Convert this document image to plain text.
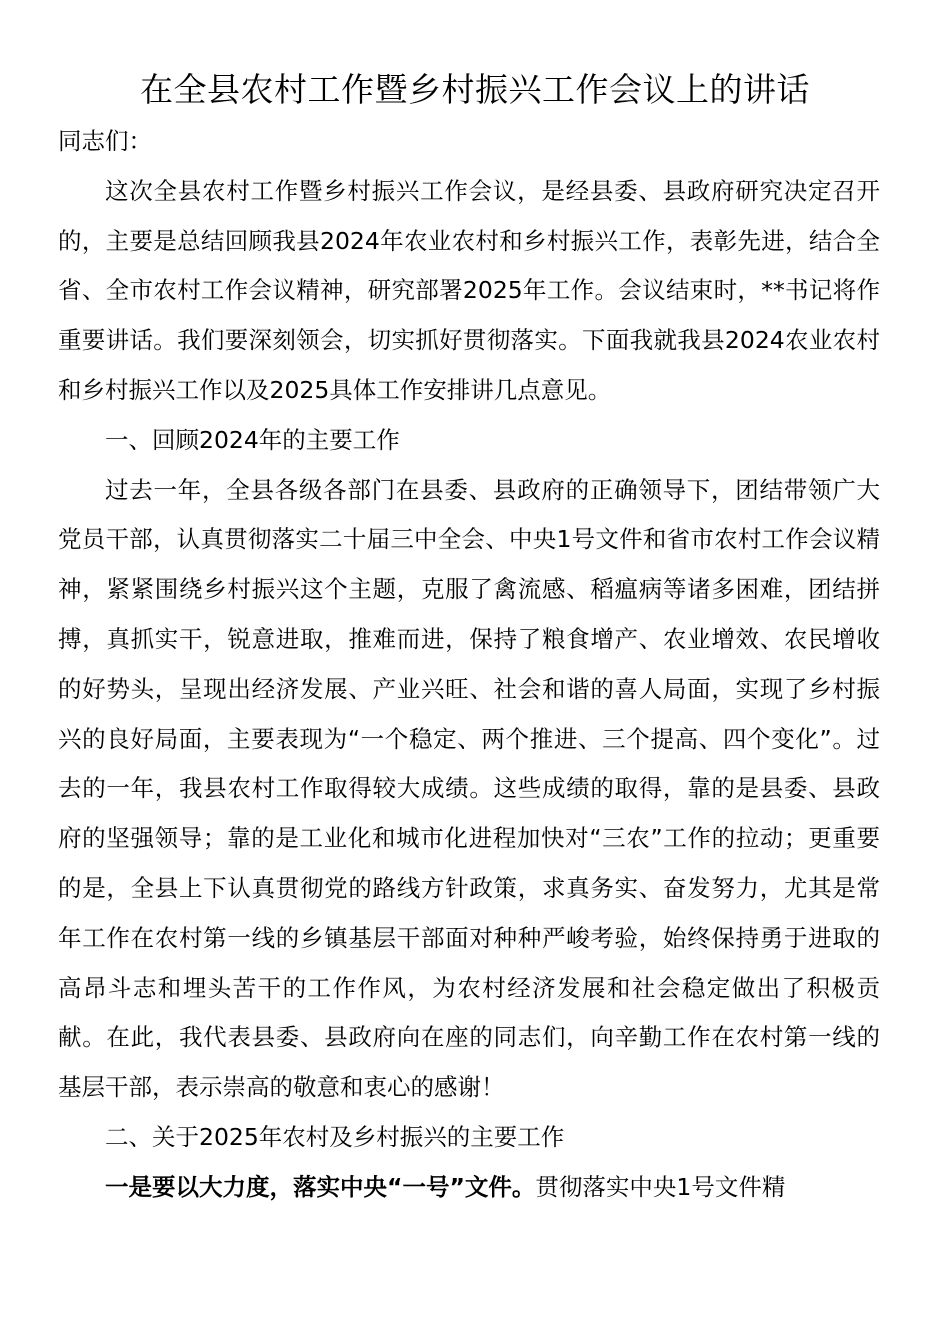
在全县农村工作暨乡村振兴工作会议上的讲话

同志们：

这次全县农村工作暨乡村振兴工作会议，是经县委、县政府研究决定召开的，主要是总结回顾我县2024年农业农村和乡村振兴工作，表彰先进，结合全省、全市农村工作会议精神，研究部署2025年工作。会议结束时，**书记将作重要讲话。我们要深刻领会，切实抓好贯彻落实。下面我就我县2024农业农村和乡村振兴工作以及2025具体工作安排讲几点意见。

一、回顾2024年的主要工作

过去一年，全县各级各部门在县委、县政府的正确领导下，团结带领广大党员干部，认真贯彻落实二十届三中全会、中央1号文件和省市农村工作会议精神，紧紧围绕乡村振兴这个主题，克服了禽流感、稻瘟病等诸多困难，团结拼搏，真抓实干，锐意进取，推难而进，保持了粮食增产、农业增效、农民增收的好势头，呈现出经济发展、产业兴旺、社会和谐的喜人局面，实现了乡村振兴的良好局面，主要表现为“一个稳定、两个推进、三个提高、四个变化”。过去的一年，我县农村工作取得较大成绩。这些成绩的取得，靠的是县委、县政府的坚强领导；靠的是工业化和城市化进程加快对“三农”工作的拉动；更重要的是，全县上下认真贯彻党的路线方针政策，求真务实、奋发努力，尤其是常年工作在农村第一线的乡镇基层干部面对种种严峻考验，始终保持勇于进取的高昂斗志和埋头苦干的工作作风，为农村经济发展和社会稳定做出了积极贡献。在此，我代表县委、县政府向在座的同志们，向辛勤工作在农村第一线的基层干部，表示崇高的敬意和衷心的感谢！

二、关于2025年农村及乡村振兴的主要工作

一是要以大力度，落实中央“一号”文件。贯彻落实中央1号文件精
